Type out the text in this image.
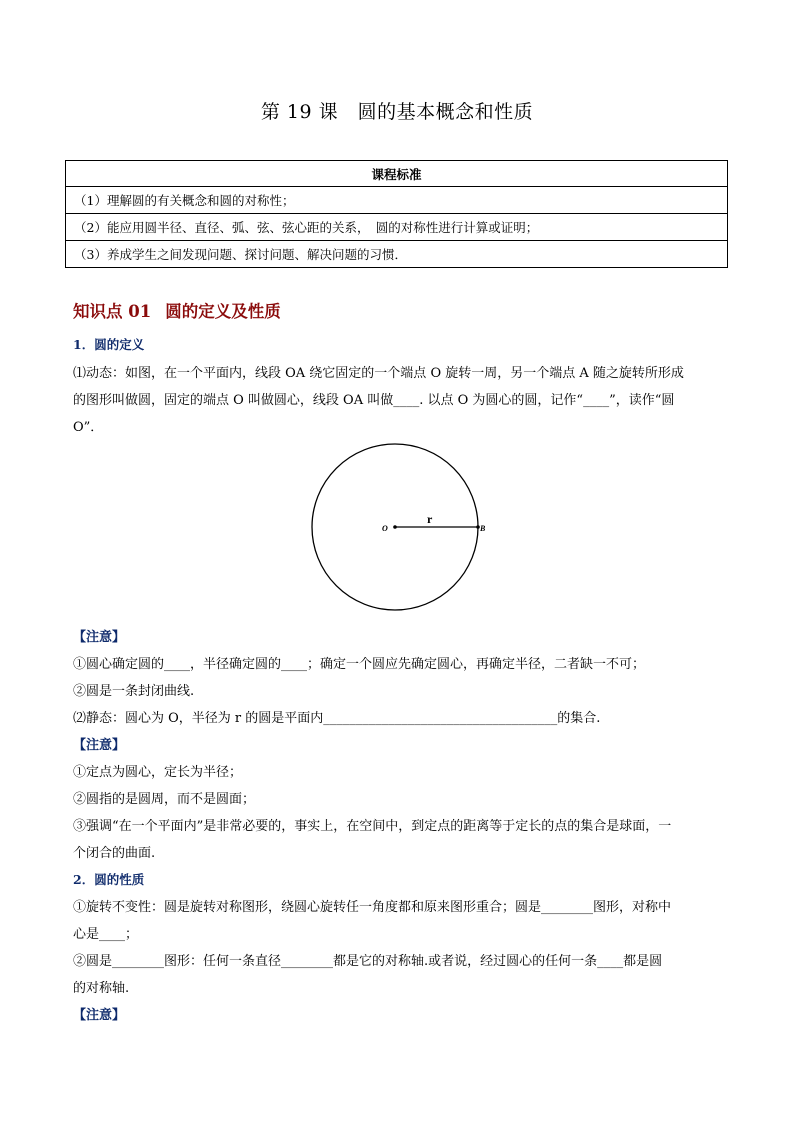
第 19 课　圆的基本概念和性质
课程标准
（1）理解圆的有关概念和圆的对称性；
（2）能应用圆半径、直径、弧、弦、弦心距的关系，　圆的对称性进行计算或证明；
（3）养成学生之间发现问题、探讨问题、解决问题的习惯．
知识点 01 圆的定义及性质
1．圆的定义
⑴动态：如图，在一个平面内，线段 OA 绕它固定的一个端点 O 旋转一周，另一个端点 A 随之旋转所形成
的图形叫做圆，固定的端点 O 叫做圆心，线段 OA 叫做____. 以点 O 为圆心的圆，记作“____”，读作“圆
O”．
O
r
B
【注意】
①圆心确定圆的____，半径确定圆的____；确定一个圆应先确定圆心，再确定半径，二者缺一不可；
②圆是一条封闭曲线.
⑵静态：圆心为 O，半径为 r 的圆是平面内____________________________________的集合.
【注意】
①定点为圆心，定长为半径；
②圆指的是圆周，而不是圆面；
③强调“在一个平面内”是非常必要的，事实上，在空间中，到定点的距离等于定长的点的集合是球面，一
个闭合的曲面.
2．圆的性质
①旋转不变性：圆是旋转对称图形，绕圆心旋转任一角度都和原来图形重合；圆是________图形，对称中
心是____；
②圆是________图形：任何一条直径________都是它的对称轴.或者说，经过圆心的任何一条____都是圆
的对称轴.
【注意】
